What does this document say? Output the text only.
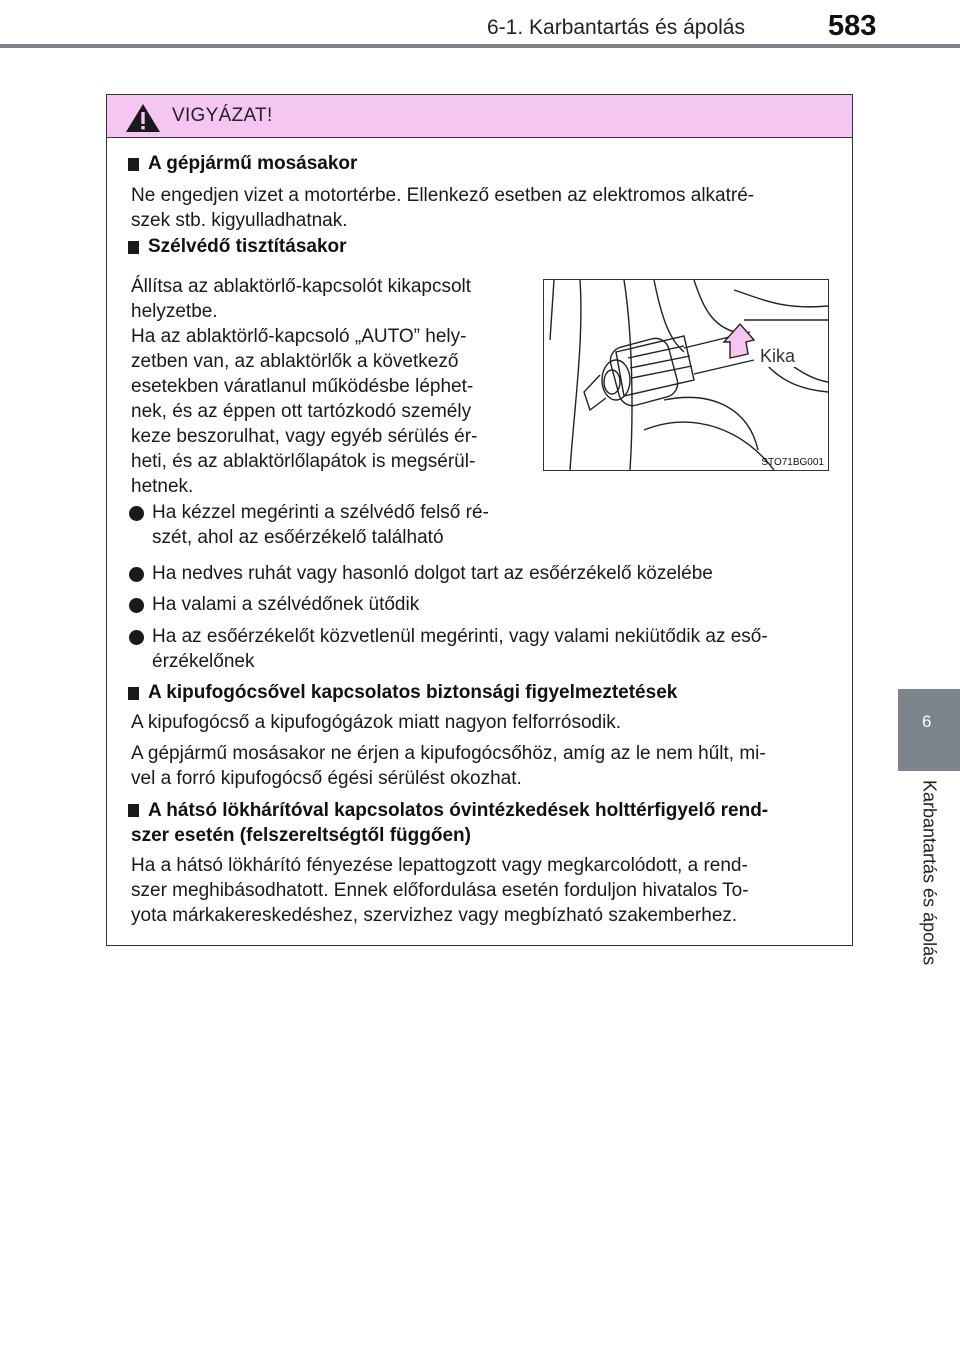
6-1. Karbantartás és ápolás	583
6
Karbantartás és ápolás
VIGYÁZAT!
A gépjármű mosásakor
Ne engedjen vizet a motortérbe. Ellenkező esetben az elektromos alkatré-
szek stb. kigyulladhatnak.
Szélvédő tisztításakor
Állítsa az ablaktörlő-kapcsolót kikapcsolt
helyzetbe.
Ha az ablaktörlő-kapcsoló „AUTO” hely-
zetben van, az ablaktörlők a következő
esetekben váratlanul működésbe léphet-
nek, és az éppen ott tartózkodó személy
keze beszorulhat, vagy egyéb sérülés ér-
heti, és az ablaktörlőlapátok is megsérül-
hetnek.
Kika
STO71BG001
Ha kézzel megérinti a szélvédő felső ré-
szét, ahol az esőérzékelő található
Ha nedves ruhát vagy hasonló dolgot tart az esőérzékelő közelébe
Ha valami a szélvédőnek ütődik
Ha az esőérzékelőt közvetlenül megérinti, vagy valami nekiütődik az eső-
érzékelőnek
A kipufogócsővel kapcsolatos biztonsági figyelmeztetések
A kipufogócső a kipufogógázok miatt nagyon felforrósodik.
A gépjármű mosásakor ne érjen a kipufogócsőhöz, amíg az le nem hűlt, mi-
vel a forró kipufogócső égési sérülést okozhat.
A hátsó lökhárítóval kapcsolatos óvintézkedések holttérfigyelő rend-
szer esetén (felszereltségtől függően)
Ha a hátsó lökhárító fényezése lepattogzott vagy megkarcolódott, a rend-
szer meghibásodhatott. Ennek előfordulása esetén forduljon hivatalos To-
yota márkakereskedéshez, szervizhez vagy megbízható szakemberhez.
